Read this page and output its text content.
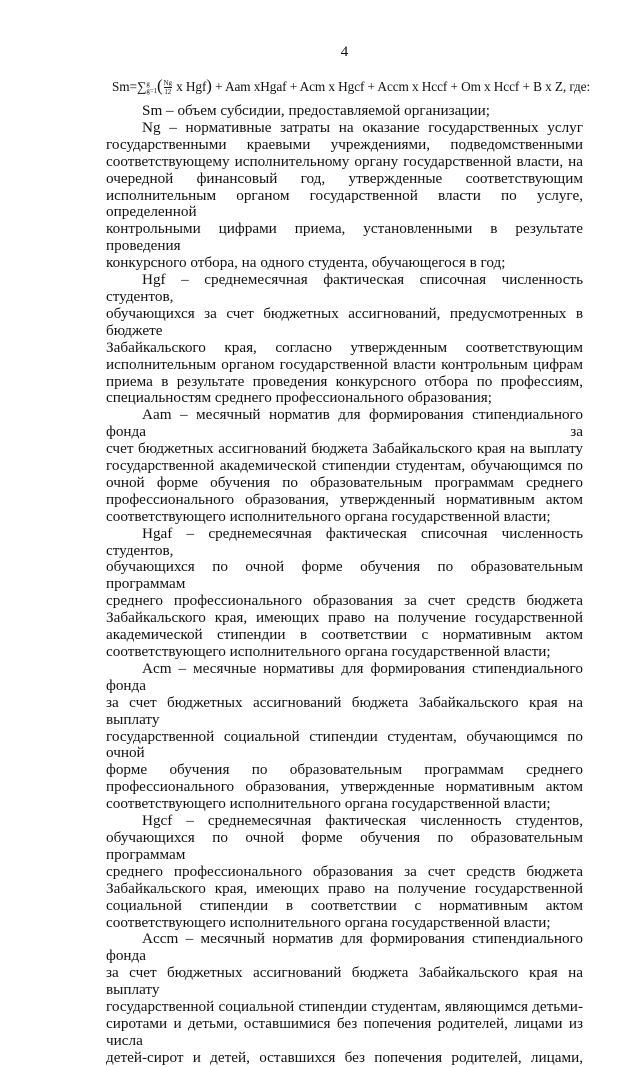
4
Sm=∑ g
g=1 ( $\frac{Ng}{12}$ x Hgf) + Aam xHgaf + Acm x Hgcf + Accm x Hccf + Om x Hccf + B x Z, где:
Sm – объем субсидии, предоставляемой организации;
Ng – нормативные затраты на оказание государственных услуг
государственными краевыми учреждениями, подведомственными
соответствующему исполнительному органу государственной власти, на
очередной финансовый год, утвержденные соответствующим
исполнительным органом государственной власти по услуге, определенной
контрольными цифрами приема, установленными в результате проведения
конкурсного отбора, на одного студента, обучающегося в год;
Hgf – среднемесячная фактическая списочная численность студентов,
обучающихся за счет бюджетных ассигнований, предусмотренных в бюджете
Забайкальского края, согласно утвержденным соответствующим
исполнительным органом государственной власти контрольным цифрам
приема в результате проведения конкурсного отбора по профессиям,
специальностям среднего профессионального образования;
Aam – месячный норматив для формирования стипендиального фонда за
счет бюджетных ассигнований бюджета Забайкальского края на выплату
государственной академической стипендии студентам, обучающимся по
очной форме обучения по образовательным программам среднего
профессионального образования, утвержденный нормативным актом
соответствующего исполнительного органа государственной власти;
Hgaf – среднемесячная фактическая списочная численность студентов,
обучающихся по очной форме обучения по образовательным программам
среднего профессионального образования за счет средств бюджета
Забайкальского края, имеющих право на получение государственной
академической стипендии в соответствии с нормативным актом
соответствующего исполнительного органа государственной власти;
Acm – месячные нормативы для формирования стипендиального фонда
за счет бюджетных ассигнований бюджета Забайкальского края на выплату
государственной социальной стипендии студентам, обучающимся по очной
форме обучения по образовательным программам среднего
профессионального образования, утвержденные нормативным актом
соответствующего исполнительного органа государственной власти;
Hgcf – среднемесячная фактическая численность студентов,
обучающихся по очной форме обучения по образовательным программам
среднего профессионального образования за счет средств бюджета
Забайкальского края, имеющих право на получение государственной
социальной стипендии в соответствии с нормативным актом
соответствующего исполнительного органа государственной власти;
Accm – месячный норматив для формирования стипендиального фонда
за счет бюджетных ассигнований бюджета Забайкальского края на выплату
государственной социальной стипендии студентам, являющимся детьми-
сиротами и детьми, оставшимися без попечения родителей, лицами из числа
детей-сирот и детей, оставшихся без попечения родителей, лицами,
